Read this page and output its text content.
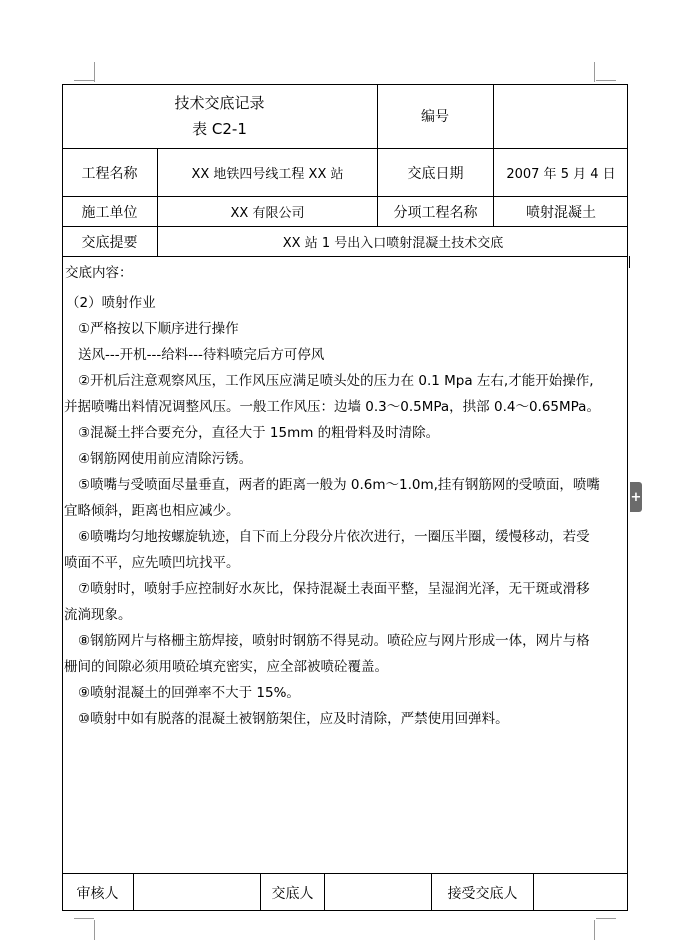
技术交底记录
表 C2-1
编号
工程名称	XX 地铁四号线工程 XX 站	交底日期	2007 年 5 月 4 日
施工单位	XX 有限公司	分项工程名称	喷射混凝土
交底提要	XX 站 1 号出入口喷射混凝土技术交底

交底内容：

（2）喷射作业

①严格按以下顺序进行操作

送风---开机---给料---待料喷完后方可停风

②开机后注意观察风压，工作风压应满足喷头处的压力在 0.1 Mpa 左右,才能开始操作,

并据喷嘴出料情况调整风压。一般工作风压：边墙 0.3～0.5MPa，拱部 0.4～0.65MPa。

③混凝土拌合要充分，直径大于 15mm 的粗骨料及时清除。

④钢筋网使用前应清除污锈。

⑤喷嘴与受喷面尽量垂直，两者的距离一般为 0.6m～1.0m,挂有钢筋网的受喷面，喷嘴

宜略倾斜，距离也相应减少。

⑥喷嘴均匀地按螺旋轨迹，自下而上分段分片依次进行，一圈压半圈，缓慢移动，若受

喷面不平，应先喷凹坑找平。

⑦喷射时，喷射手应控制好水灰比，保持混凝土表面平整，呈湿润光泽，无干斑或滑移

流淌现象。

⑧钢筋网片与格栅主筋焊接，喷射时钢筋不得晃动。喷砼应与网片形成一体，网片与格

栅间的间隙必须用喷砼填充密实，应全部被喷砼覆盖。

⑨喷射混凝土的回弹率不大于 15%。

⑩喷射中如有脱落的混凝土被钢筋架住，应及时清除，严禁使用回弹料。

审核人	交底人	接受交底人
+
